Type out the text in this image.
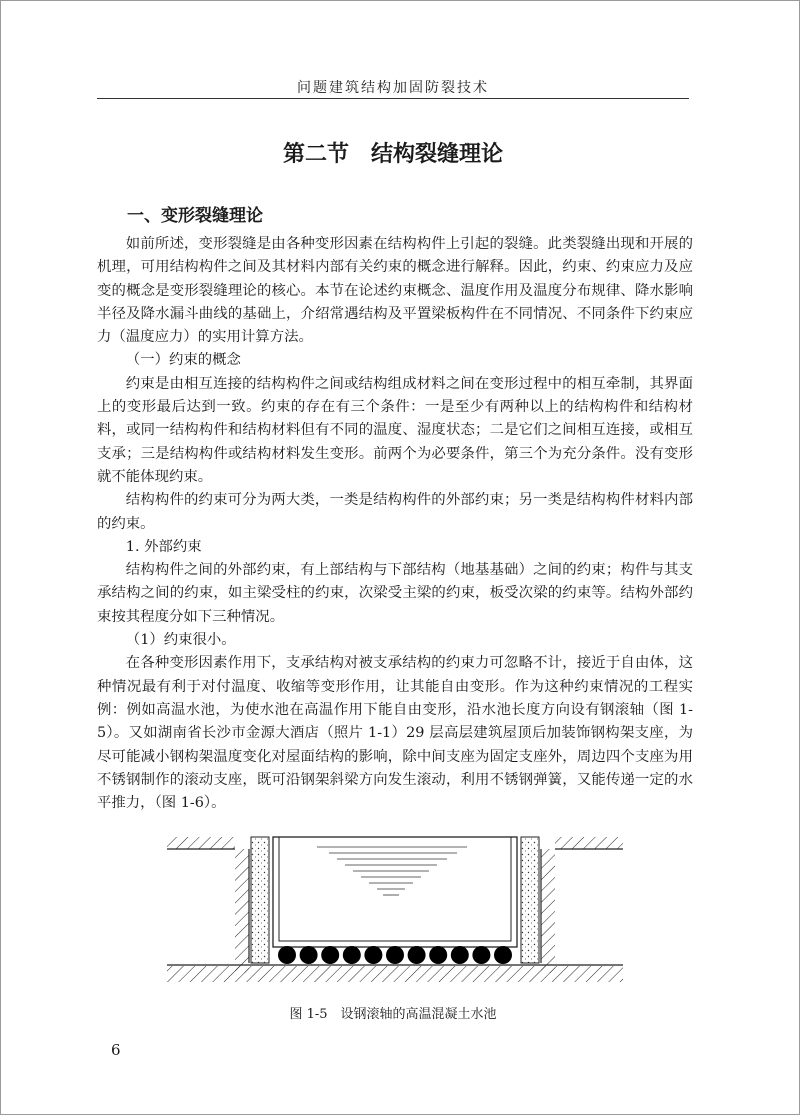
问题建筑结构加固防裂技术
第二节　结构裂缝理论
一、变形裂缝理论

如前所述，变形裂缝是由各种变形因素在结构构件上引起的裂缝。此类裂缝出现和开展的机理，可用结构构件之间及其材料内部有关约束的概念进行解释。因此，约束、约束应力及应变的概念是变形裂缝理论的核心。本节在论述约束概念、温度作用及温度分布规律、降水影响半径及降水漏斗曲线的基础上，介绍常遇结构及平置梁板构件在不同情况、不同条件下约束应力（温度应力）的实用计算方法。

（一）约束的概念

约束是由相互连接的结构构件之间或结构组成材料之间在变形过程中的相互牵制，其界面上的变形最后达到一致。约束的存在有三个条件：一是至少有两种以上的结构构件和结构材料，或同一结构构件和结构材料但有不同的温度、湿度状态；二是它们之间相互连接，或相互支承；三是结构构件或结构材料发生变形。前两个为必要条件，第三个为充分条件。没有变形就不能体现约束。

结构构件的约束可分为两大类，一类是结构构件的外部约束；另一类是结构构件材料内部的约束。

1. 外部约束

结构构件之间的外部约束，有上部结构与下部结构（地基基础）之间的约束；构件与其支承结构之间的约束，如主梁受柱的约束，次梁受主梁的约束，板受次梁的约束等。结构外部约束按其程度分如下三种情况。

（1）约束很小。

在各种变形因素作用下，支承结构对被支承结构的约束力可忽略不计，接近于自由体，这种情况最有利于对付温度、收缩等变形作用，让其能自由变形。作为这种约束情况的工程实例：例如高温水池，为使水池在高温作用下能自由变形，沿水池长度方向设有钢滚轴（图 1-5）。又如湖南省长沙市金源大酒店（照片 1-1）29 层高层建筑屋顶后加装饰钢构架支座，为尽可能减小钢构架温度变化对屋面结构的影响，除中间支座为固定支座外，周边四个支座为用不锈钢制作的滚动支座，既可沿钢架斜梁方向发生滚动，利用不锈钢弹簧，又能传递一定的水平推力，（图 1-6）。

图 1-5　设钢滚轴的高温混凝土水池
6
